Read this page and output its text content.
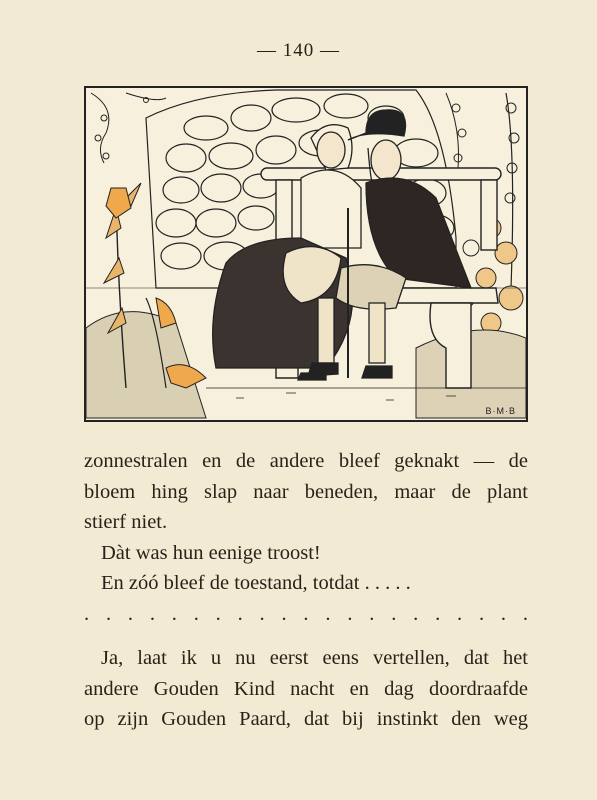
— 140 —
B·M·B
zonnestralen en de andere bleef geknakt — de
bloem hing slap naar beneden, maar de plant
stierf niet.
Dàt was hun eenige troost!
En zóó bleef de toestand, totdat . . . . .
. . . . . . . . . . . . . . . . . . . . .
Ja, laat ik u nu eerst eens vertellen, dat het
andere Gouden Kind nacht en dag doordraafde
op zijn Gouden Paard, dat bij instinkt den weg
